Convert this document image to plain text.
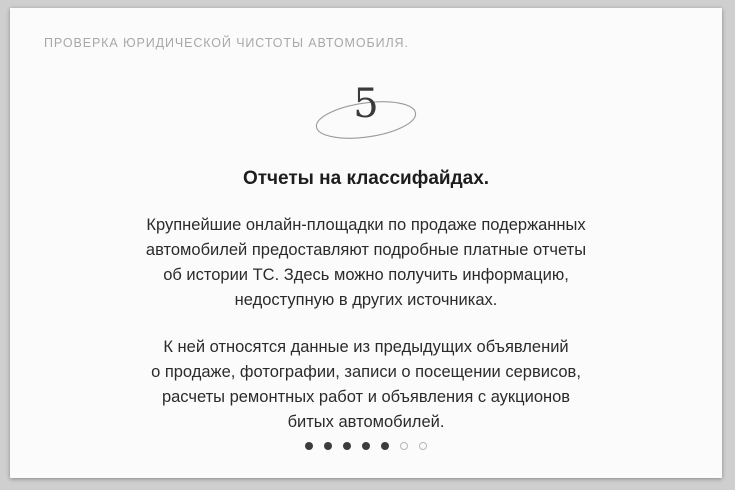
ПРОВЕРКА ЮРИДИЧЕСКОЙ ЧИСТОТЫ АВТОМОБИЛЯ.
5
Отчеты на классифайдах.

Крупнейшие онлайн-площадки по продаже подержанных
автомобилей предоставляют подробные платные отчеты
об истории ТС. Здесь можно получить информацию,
недоступную в других источниках.

К ней относятся данные из предыдущих объявлений
о продаже, фотографии, записи о посещении сервисов,
расчеты ремонтных работ и объявления с аукционов
битых автомобилей.
